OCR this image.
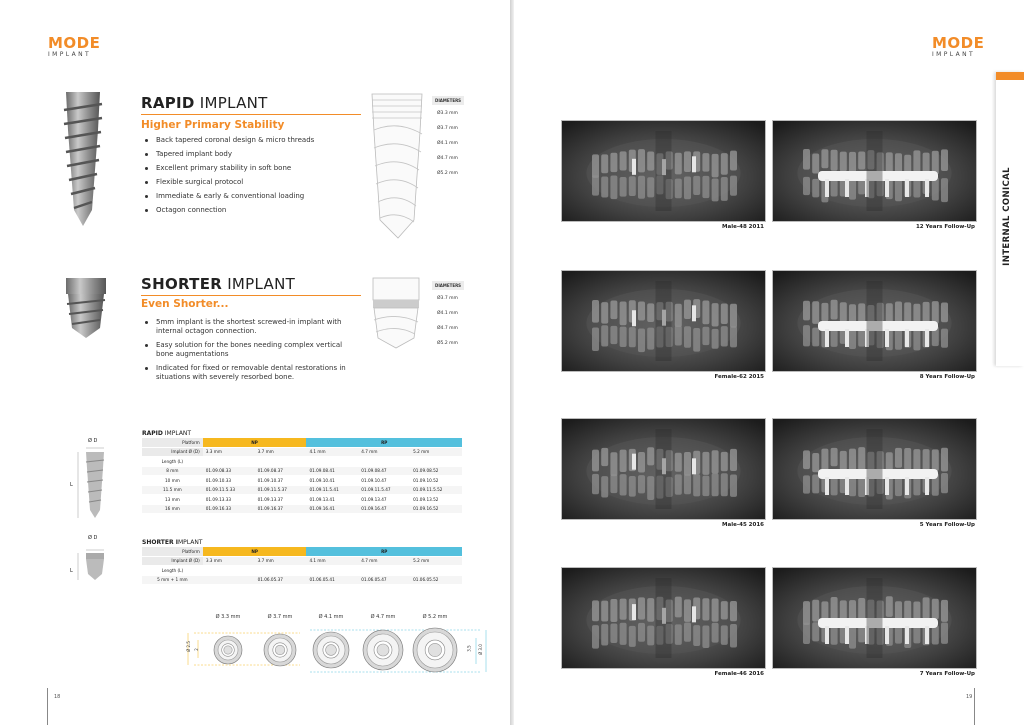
MODE
IMPLANT
18
RAPID IMPLANT
Higher Primary Stability
Back tapered coronal design & micro threads
Tapered implant body
Excellent primary stability in soft bone
Flexible surgical protocol
Immediate & early & conventional loading
Octagon connection
DIAMETERS
Ø3.3 mm
Ø3.7 mm
Ø4.1 mm
Ø4.7 mm
Ø5.2 mm
SHORTER IMPLANT
Even Shorter...
5mm implant is the shortest screwed-in implant with internal octagon connection.
Easy solution for the bones needing complex vertical bone augmentations
Indicated for fixed or removable dental restorations in situations with severely resorbed bone.
DIAMETERS
Ø3.7 mm
Ø4.1 mm
Ø4.7 mm
Ø5.2 mm
Ø D
L
RAPID IMPLANT
Platform	NP		RP		
Implant Ø (D)	3.3 mm	3.7 mm	4.1 mm	4.7 mm	5.2 mm
Length (L)					
8 mm	01.09.08.33	01.09.08.37	01.09.08.41	01.09.08.47	01.09.08.52
10 mm	01.09.10.33	01.09.10.37	01.09.10.41	01.09.10.47	01.09.10.52
11.5 mm	01.09.11.5.33	01.09.11.5.37	01.09.11.5.41	01.09.11.5.47	01.09.11.5.52
13 mm	01.09.13.33	01.09.13.37	01.09.13.41	01.09.13.47	01.09.13.52
16 mm	01.09.16.33	01.09.16.37	01.09.16.41	01.09.16.47	01.09.16.52
Ø D
L
SHORTER IMPLANT
Platform	NP		RP		
Implant Ø (D)	3.3 mm	3.7 mm	4.1 mm	4.7 mm	5.2 mm
Length (L)					
5 mm + 1 mm		01.06.05.37	01.06.05.41	01.06.05.47	01.06.05.52
Ø 3.3 mm	Ø 3.7 mm	Ø 4.1 mm	Ø 4.7 mm	Ø 5.2 mm
Ø 2.5 2	3.5 Ø 3.0
MODE
IMPLANT
19
INTERNAL CONICAL
Male-48 2011	12 Years Follow-Up
Female-62 2015	8 Years Follow-Up
Male-45 2016	5 Years Follow-Up
Female-46 2016	7 Years Follow-Up
